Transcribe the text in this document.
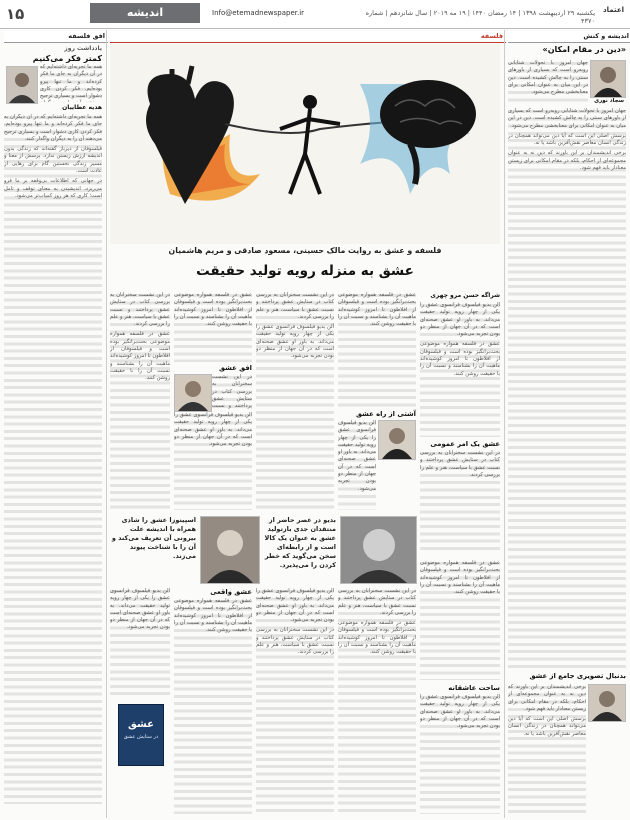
۱۵	اندیشه	Info@etemadnewspaper.ir	یکشنبه ۲۹ اردیبهشت ۱۳۹۸ | ۱۴ رمضان ۱۴۴۰ | ۱۹ مه ۲۰۱۹ | سال شانزدهم | شماره ۴۳۷۰
اعتماد
افق فلسفه
یادداشت روز
کمتر فکر می‌کنیم
هدیه عطاییان

همه ما تجربه‌ای داشته‌ایم که در آن دیگران به جای ما فکر کرده‌اند و ما تنها پیرو بوده‌ایم. فکر کردن کاری دشوار است و بسیاری ترجیح

همه ما تجربه‌ای داشته‌ایم که در آن دیگران به جای ما فکر کرده‌اند و ما تنها پیرو بوده‌ایم. فکر کردن کاری دشوار است و بسیاری ترجیح می‌دهند آن را به دیگران واگذار کنند.

فیلسوفان از دیرباز گفته‌اند که زندگی بدون اندیشه ارزش زیستن ندارد. پرسش از معنا و مسیر زندگی نخستین گام برای رهایی از عادت است.

در جهانی که اطلاعات بی‌وقفه بر ما فرو می‌ریزد، اندیشیدن به معنای توقف و تامل است؛ کاری که هر روز کمیاب‌تر می‌شود.

فلسفه
فلسفه و عشق به روایت مالک حسینی، مسعود صادقی و مریم هاشمیان
عشق به منزله رویه تولید حقیقت
شراگه حسن مرو چهری

آلن بدیو فیلسوف فرانسوی عشق را یکی از چهار رویه تولید حقیقت می‌داند. به باور او عشق صحنه‌ای است که در آن جهان از منظر دو بودن تجربه می‌شود.

عشق در فلسفه همواره موضوعی بحث‌برانگیز بوده است و فیلسوفان از افلاطون تا امروز کوشیده‌اند ماهیت آن را بشناسند و نسبت آن را با حقیقت روشن کنند.

عشق یک امر عمومی

در این نشست سخنرانان به بررسی کتاب در ستایش عشق پرداختند و نسبت عشق با سیاست، هنر و علم را بررسی کردند.

عشق در فلسفه همواره موضوعی بحث‌برانگیز بوده است و فیلسوفان از افلاطون تا امروز کوشیده‌اند ماهیت آن را بشناسند و نسبت آن را با حقیقت روشن کنند.

آشتی از راه عشق

آلن بدیو فیلسوف فرانسوی عشق را یکی از چهار رویه تولید حقیقت می‌داند. به باور او عشق صحنه‌ای است که در آن جهان از منظر دو بودن تجربه می‌شود.

در این نشست سخنرانان به بررسی کتاب در ستایش عشق پرداختند و نسبت عشق با سیاست، هنر و علم را بررسی کردند.

آلن بدیو فیلسوف فرانسوی عشق را یکی از چهار رویه تولید حقیقت می‌داند. به باور او عشق صحنه‌ای است که در آن جهان از منظر دو بودن تجربه می‌شود.

عشق در فلسفه همواره موضوعی بحث‌برانگیز بوده است و فیلسوفان از افلاطون تا امروز کوشیده‌اند ماهیت آن را بشناسند و نسبت آن را با حقیقت روشن کنند.

افق عشق

در این نشست سخنرانان به بررسی کتاب در ستایش عشق پرداختند و نسبت

آلن بدیو فیلسوف فرانسوی عشق را یکی از چهار رویه تولید حقیقت می‌داند. به باور او عشق صحنه‌ای است که در آن جهان از منظر دو بودن تجربه می‌شود.

در این نشست سخنرانان به بررسی کتاب در ستایش عشق پرداختند و نسبت عشق با سیاست، هنر و علم را بررسی کردند.

عشق در فلسفه همواره موضوعی بحث‌برانگیز بوده است و فیلسوفان از افلاطون تا امروز کوشیده‌اند ماهیت آن را بشناسند و نسبت آن را با حقیقت روشن کنند.

بدیو در عصر حاضر از منتقدان جدی بازتولید عشق به عنوان یک کالا است و از رابطه‌ای سخن می‌گوید که خطر کردن را می‌پذیرد.
اسپینوزا عشق را شادی همراه با اندیشه علت بیرونی آن تعریف می‌کند و آن را با شناخت پیوند می‌زند.

عشق در فلسفه همواره موضوعی بحث‌برانگیز بوده است و فیلسوفان از افلاطون تا امروز کوشیده‌اند ماهیت آن را بشناسند و نسبت آن را با حقیقت روشن کنند.

ساحت عاشقانه

آلن بدیو فیلسوف فرانسوی عشق را یکی از چهار رویه تولید حقیقت می‌داند. به باور او عشق صحنه‌ای است که در آن جهان از منظر دو بودن تجربه می‌شود.

در این نشست سخنرانان به بررسی کتاب در ستایش عشق پرداختند و نسبت عشق با سیاست، هنر و علم را بررسی کردند.

عشق در فلسفه همواره موضوعی بحث‌برانگیز بوده است و فیلسوفان از افلاطون تا امروز کوشیده‌اند ماهیت آن را بشناسند و نسبت آن را با حقیقت روشن کنند.

آلن بدیو فیلسوف فرانسوی عشق را یکی از چهار رویه تولید حقیقت می‌داند. به باور او عشق صحنه‌ای است که در آن جهان از منظر دو بودن تجربه می‌شود.

در این نشست سخنرانان به بررسی کتاب در ستایش عشق پرداختند و نسبت عشق با سیاست، هنر و علم را بررسی کردند.

عشق واقعی

عشق در فلسفه همواره موضوعی بحث‌برانگیز بوده است و فیلسوفان از افلاطون تا امروز کوشیده‌اند ماهیت آن را بشناسند و نسبت آن را با حقیقت روشن کنند.

آلن بدیو فیلسوف فرانسوی عشق را یکی از چهار رویه تولید حقیقت می‌داند. به باور او عشق صحنه‌ای است که در آن جهان از منظر دو بودن تجربه می‌شود.

عشق
در ستایش عشق
اندیشه و کنش
«دین در مقام امکان»
سجاد نوری

جهان امروز با تحولات شتابانی روبه‌رو است که بسیاری از باورهای سنتی را به چالش کشیده است. دین در این میان به عنوان امکانی برای معنابخشی مطرح می‌شود.

جهان امروز با تحولات شتابانی روبه‌رو است که بسیاری از باورهای سنتی را به چالش کشیده است. دین در این میان به عنوان امکانی برای معنابخشی مطرح می‌شود.

پرسش اصلی این است که آیا دین می‌تواند همچنان در زندگی انسان معاصر نقش‌آفرین باشد یا نه.

برخی اندیشمندان بر این باورند که دین نه به عنوان مجموعه‌ای از احکام، بلکه در مقام امکانی برای زیستن معنادار باید فهم شود.

بدنبال تصویری جامع از عشق

برخی اندیشمندان بر این باورند که دین نه به عنوان مجموعه‌ای از احکام، بلکه در مقام امکانی برای زیستن معنادار باید فهم شود.

پرسش اصلی این است که آیا دین می‌تواند همچنان در زندگی انسان معاصر نقش‌آفرین باشد یا نه.
